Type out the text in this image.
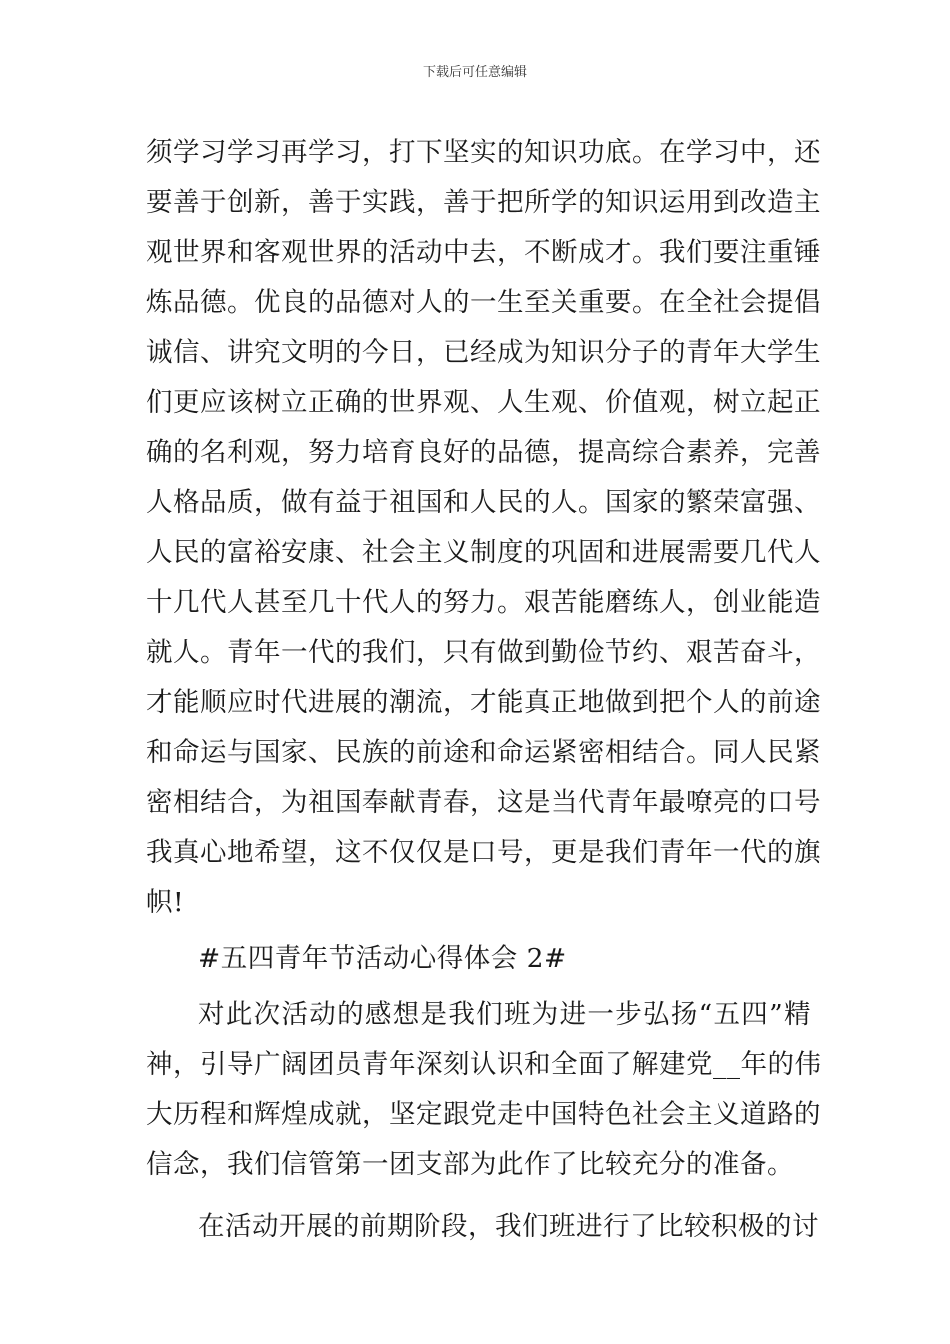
下载后可任意编辑
须学习学习再学习，打下坚实的知识功底。在学习中，还
要善于创新，善于实践，善于把所学的知识运用到改造主
观世界和客观世界的活动中去，不断成才。我们要注重锤
炼品德。优良的品德对人的一生至关重要。在全社会提倡
诚信、讲究文明的今日，已经成为知识分子的青年大学生
们更应该树立正确的世界观、人生观、价值观，树立起正
确的名利观，努力培育良好的品德，提高综合素养，完善
人格品质，做有益于祖国和人民的人。国家的繁荣富强、
人民的富裕安康、社会主义制度的巩固和进展需要几代人
十几代人甚至几十代人的努力。艰苦能磨练人，创业能造
就人。青年一代的我们，只有做到勤俭节约、艰苦奋斗，
才能顺应时代进展的潮流，才能真正地做到把个人的前途
和命运与国家、民族的前途和命运紧密相结合。同人民紧
密相结合，为祖国奉献青春，这是当代青年最嘹亮的口号
我真心地希望，这不仅仅是口号，更是我们青年一代的旗
帜!
#五四青年节活动心得体会 2#
对此次活动的感想是我们班为进一步弘扬“五四”精
神，引导广阔团员青年深刻认识和全面了解建党__年的伟
大历程和辉煌成就，坚定跟党走中国特色社会主义道路的
信念，我们信管第一团支部为此作了比较充分的准备。
在活动开展的前期阶段，我们班进行了比较积极的讨
